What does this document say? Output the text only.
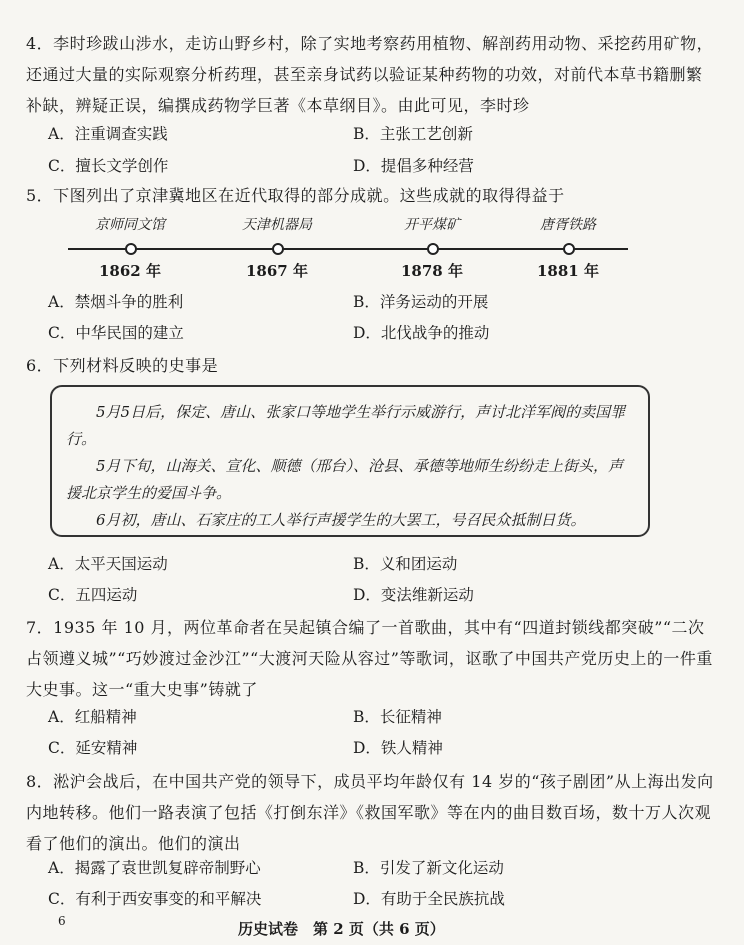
4．李时珍跋山涉水，走访山野乡村，除了实地考察药用植物、解剖药用动物、采挖药用矿物，还通过大量的实际观察分析药理，甚至亲身试药以验证某种药物的功效，对前代本草书籍删繁补缺，辨疑正误，编撰成药物学巨著《本草纲目》。由此可见，李时珍
A．注重调查实践	B．主张工艺创新
C．擅长文学创作	D．提倡多种经营
5．下图列出了京津冀地区在近代取得的部分成就。这些成就的取得得益于
京师同文馆
1862 年
天津机器局
1867 年
开平煤矿
1878 年
唐胥铁路
1881 年
A．禁烟斗争的胜利	B．洋务运动的开展
C．中华民国的建立	D．北伐战争的推动
6．下列材料反映的史事是

5月5日后，保定、唐山、张家口等地学生举行示威游行，声讨北洋军阀的卖国罪行。

5月下旬，山海关、宣化、顺德（邢台）、沧县、承德等地师生纷纷走上街头，声援北京学生的爱国斗争。

6月初，唐山、石家庄的工人举行声援学生的大罢工，号召民众抵制日货。

A．太平天国运动	B．义和团运动
C．五四运动	D．变法维新运动
7．1935 年 10 月，两位革命者在吴起镇合编了一首歌曲，其中有“四道封锁线都突破”“二次占领遵义城”“巧妙渡过金沙江”“大渡河天险从容过”等歌词，讴歌了中国共产党历史上的一件重大史事。这一“重大史事”铸就了
A．红船精神	B．长征精神
C．延安精神	D．铁人精神
8．淞沪会战后，在中国共产党的领导下，成员平均年龄仅有 14 岁的“孩子剧团”从上海出发向内地转移。他们一路表演了包括《打倒东洋》《救国军歌》等在内的曲目数百场，数十万人次观看了他们的演出。他们的演出
A．揭露了袁世凯复辟帝制野心	B．引发了新文化运动
C．有利于西安事变的和平解决	D．有助于全民族抗战
6	历史试卷　第 2 页（共 6 页）
